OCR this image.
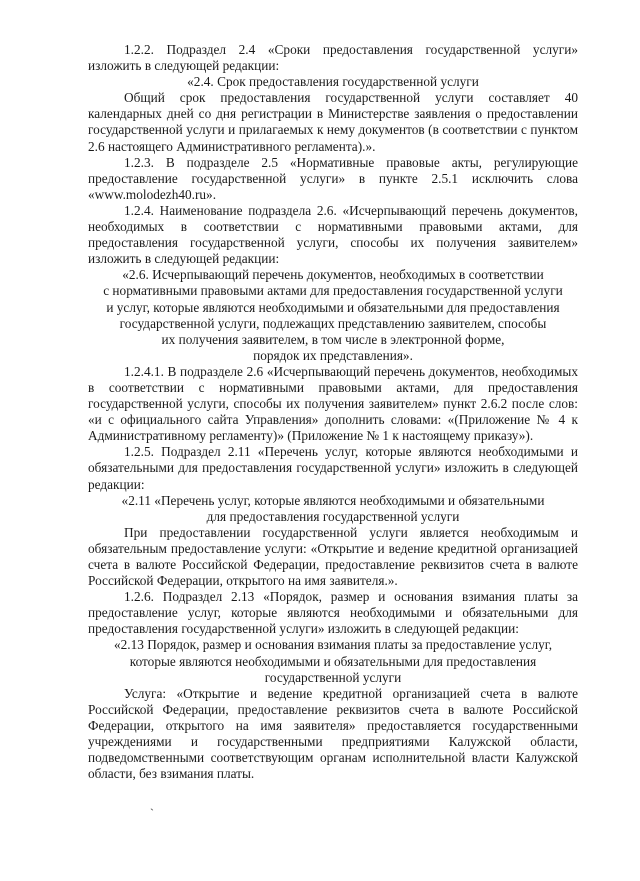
1.2.2. Подраздел 2.4 «Сроки предоставления государственной услуги» изложить в следующей редакции:

«2.4. Срок предоставления государственной услуги

Общий срок предоставления государственной услуги составляет 40 календарных дней со дня регистрации в Министерстве заявления о предоставлении государственной услуги и прилагаемых к нему документов (в соответствии с пунктом 2.6 настоящего Административного регламента).».

1.2.3. В подразделе 2.5 «Нормативные правовые акты, регулирующие предоставление государственной услуги» в пункте 2.5.1 исключить слова «www.molodezh40.ru».

1.2.4. Наименование подраздела 2.6. «Исчерпывающий перечень документов, необходимых в соответствии с нормативными правовыми актами, для предоставления государственной услуги, способы их получения заявителем» изложить в следующей редакции:

«2.6. Исчерпывающий перечень документов, необходимых в соответствии

с нормативными правовыми актами для предоставления государственной услуги

и услуг, которые являются необходимыми и обязательными для предоставления

государственной услуги, подлежащих представлению заявителем, способы

их получения заявителем, в том числе в электронной форме,

порядок их представления».

1.2.4.1. В подразделе 2.6 «Исчерпывающий перечень документов, необходимых в соответствии с нормативными правовыми актами, для предоставления государственной услуги, способы их получения заявителем» пункт 2.6.2 после слов: «и с официального сайта Управления» дополнить словами: «(Приложение № 4 к Административному регламенту)» (Приложение № 1 к настоящему приказу»).

1.2.5. Подраздел 2.11 «Перечень услуг, которые являются необходимыми и обязательными для предоставления государственной услуги» изложить в следующей редакции:

«2.11 «Перечень услуг, которые являются необходимыми и обязательными

для предоставления государственной услуги

При предоставлении государственной услуги является необходимым и обязательным предоставление услуги: «Открытие и ведение кредитной организацией счета в валюте Российской Федерации, предоставление реквизитов счета в валюте Российской Федерации, открытого на имя заявителя.».

1.2.6. Подраздел 2.13 «Порядок, размер и основания взимания платы за предоставление услуг, которые являются необходимыми и обязательными для предоставления государственной услуги» изложить в следующей редакции:

«2.13 Порядок, размер и основания взимания платы за предоставление услуг,

которые являются необходимыми и обязательными для предоставления

государственной услуги

Услуга: «Открытие и ведение кредитной организацией счета в валюте Российской Федерации, предоставление реквизитов счета в валюте Российской Федерации, открытого на имя заявителя» предоставляется государственными учреждениями и государственными предприятиями Калужской области, подведомственными соответствующим органам исполнительной власти Калужской области, без взимания платы.

`
